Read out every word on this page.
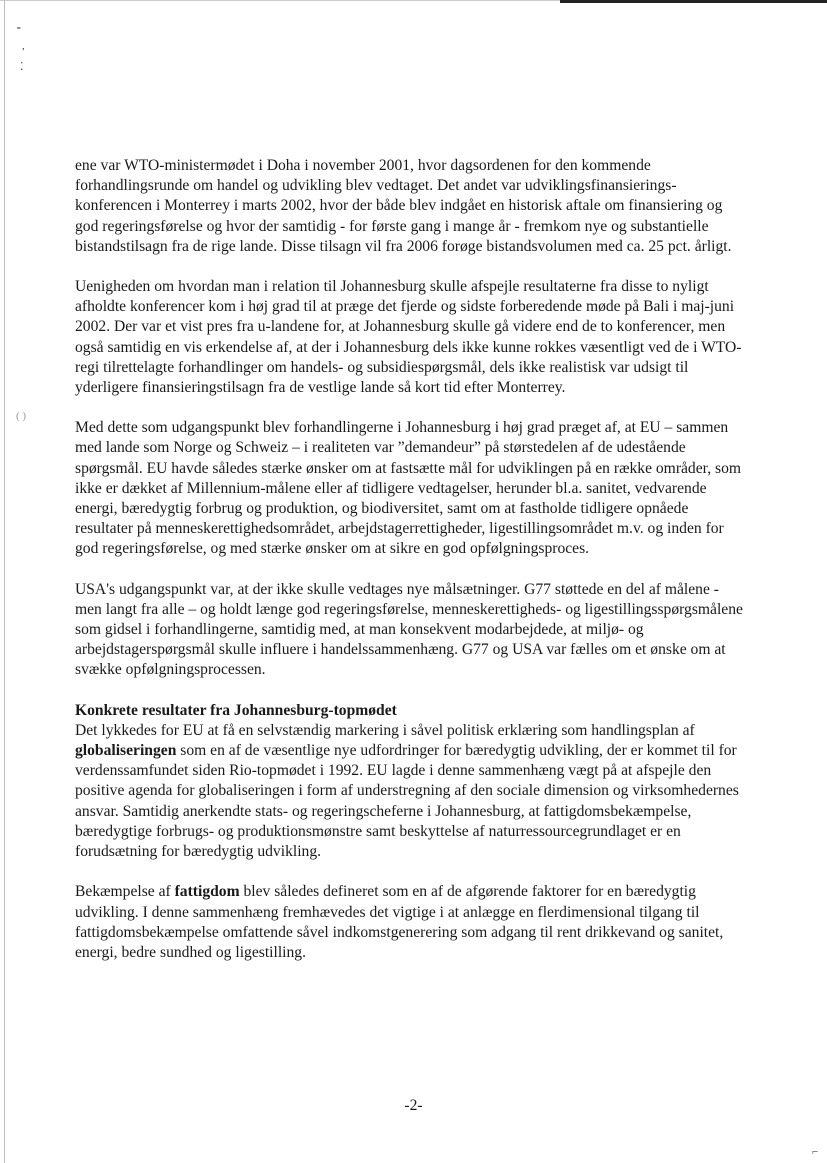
⁃
,
⁚
( )
⌐

ene var WTO-ministermødet i Doha i november 2001, hvor dagsordenen for den kommende forhandlingsrunde om handel og udvikling blev vedtaget. Det andet var udviklingsfinansierings-konferencen i Monterrey i marts 2002, hvor der både blev indgået en historisk aftale om finansiering og god regeringsførelse og hvor der samtidig - for første gang i mange år - fremkom nye og substantielle bistandstilsagn fra de rige lande. Disse tilsagn vil fra 2006 forøge bistandsvolumen med ca. 25 pct. årligt.

Uenigheden om hvordan man i relation til Johannesburg skulle afspejle resultaterne fra disse to nyligt afholdte konferencer kom i høj grad til at præge det fjerde og sidste forberedende møde på Bali i maj-juni 2002. Der var et vist pres fra u-landene for, at Johannesburg skulle gå videre end de to konferencer, men også samtidig en vis erkendelse af, at der i Johannesburg dels ikke kunne rokkes væsentligt ved de i WTO-regi tilrettelagte forhandlinger om handels- og subsidiespørgsmål, dels ikke realistisk var udsigt til yderligere finansieringstilsagn fra de vestlige lande så kort tid efter Monterrey.

Med dette som udgangspunkt blev forhandlingerne i Johannesburg i høj grad præget af, at EU – sammen med lande som Norge og Schweiz – i realiteten var ”demandeur” på størstedelen af de udestående spørgsmål. EU havde således stærke ønsker om at fastsætte mål for udviklingen på en række områder, som ikke er dækket af Millennium-målene eller af tidligere vedtagelser, herunder bl.a. sanitet, vedvarende energi, bæredygtig forbrug og produktion, og biodiversitet, samt om at fastholde tidligere opnåede resultater på menneskerettighedsområdet, arbejdstagerrettigheder, ligestillingsområdet m.v. og inden for god regeringsførelse, og med stærke ønsker om at sikre en god opfølgningsproces.

USA's udgangspunkt var, at der ikke skulle vedtages nye målsætninger. G77 støttede en del af målene - men langt fra alle – og holdt længe god regeringsførelse, menneskerettigheds- og ligestillingsspørgsmålene som gidsel i forhandlingerne, samtidig med, at man konsekvent modarbejdede, at miljø- og arbejdstagerspørgsmål skulle influere i handelssammenhæng. G77 og USA var fælles om et ønske om at svække opfølgningsprocessen.

Konkrete resultater fra Johannesburg-topmødet

Det lykkedes for EU at få en selvstændig markering i såvel politisk erklæring som handlingsplan af globaliseringen som en af de væsentlige nye udfordringer for bæredygtig udvikling, der er kommet til for verdenssamfundet siden Rio-topmødet i 1992. EU lagde i denne sammenhæng vægt på at afspejle den positive agenda for globaliseringen i form af understregning af den sociale dimension og virksomhedernes ansvar. Samtidig anerkendte stats- og regeringscheferne i Johannesburg, at fattigdomsbekæmpelse, bæredygtige forbrugs- og produktionsmønstre samt beskyttelse af naturressourcegrundlaget er en forudsætning for bæredygtig udvikling.

Bekæmpelse af fattigdom blev således defineret som en af de afgørende faktorer for en bæredygtig udvikling. I denne sammenhæng fremhævedes det vigtige i at anlægge en flerdimensional tilgang til fattigdomsbekæmpelse omfattende såvel indkomstgenerering som adgang til rent drikkevand og sanitet, energi, bedre sundhed og ligestilling.

-2-
